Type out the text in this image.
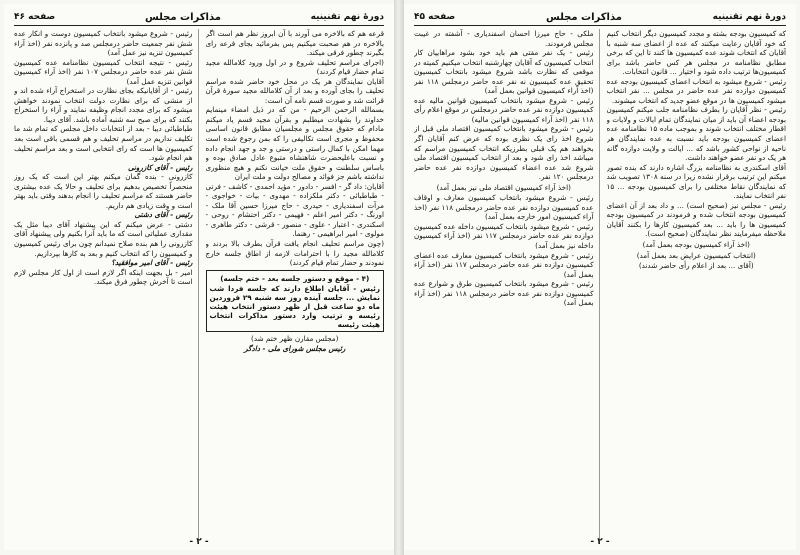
دورهٔ نهم تقنینیه
مذاکرات مجلس
صفحه ۴۶

قرعه هم که بالاخره می آورند با آن ابروز نظر هم است اگر بالاخره در هم صحبت میکنیم پس بفرمائید بجای قرعه رای بگیرند چطور فرقی میکند.

(اجرای مراسم تحلیف شروع و در اول ورود کلامالله مجید تمام حضار قیام کردند)

آقایان نمایندگان هر یک در محل خود حاضر شده مراسم تحلیف را بجای آورده و بعد از آن کلامالله مجید سورهٔ قرآن قرائت شد و صورت قسم نامه آن است:

بسمالله الرحمن الرحیم - من که در ذیل امضاء مینمایم خداوند را بشهادت میطلبم و بقرآن مجید قسم یاد میکنم مادام که حقوق مجلس و مجلسیان مطابق قانون اساسی محفوظ و مجری است تکالیفی را که بمن رجوع شده است مهما امکن با کمال راستی و درستی و جد و جهد انجام داده و نسبت باعلیحضرت شاهنشاه متبوع عادل صادق بوده و باساس سلطنت و حقوق ملت خیانت نکنم و هیچ منظوری نداشته باشم جز فوائد و مصالح دولت و ملت ایران

آقایان: داد گر - افسر - دادور - مؤید احمدی - کاشف - فرتی - طباطبائی - دکتر ملکزاده - مهدوی - بیات - خواجوی - مرآت اسفندیاری - حیدری - حاج میرزا حسین آقا ملک - اورنگ - دکتر امیر اعلم - فهیمی - دکتر احتشام - روحی - اسکندری - اعتبار - علوی - منصور - قرشی - دکتر طاهری - مولوی - امیر ابراهیمی - رهنما.

(چون مراسم تحلیف انجام یافت قرآن بطرف بالا بردند و کلامالله مجید را با احترامات لازمه از اطاق جلسه خارج نمودند و حضار تمام قیام کردند)

(۴ - موقع و دستور جلسه بعد - ختم جلسه)
رئیس - آقایان اطلاع دارند که جلسه فردا شب نمایش ... جلسه آینده روز سه شنبه ۲۹ فروردین ماه دو ساعت قبل از ظهر دستور انتخاب هیئت رئیسه و ترتیب وارد دستور مذاکرات انتخاب هیئت رئیسه
(مجلس مقارن ظهر ختم شد)
رئیس مجلس شورای ملی - دادگر

رئیس - شروع میشود بانتخاب کمیسیون دوست و انکار عده شش نفر جمعیت حاضر درمجلس صد و پانزده نفر (اخذ آراء کمیسیون تنزیه نیز عمل آمد)

رئیس - نتیجه انتخاب کمیسیون نظامنامه عده کمیسیون شش نفر عده حاضر درمجلس ۱۰۷ نفر (اخذ آراء کمیسیون قوانین تنزیه عمل آمد)

رئیس - از آقایانیکه بجای نظارت در استخراج آراء شده اند و از منشی که برای نظارت دولت انتخاب نمودند خواهش میشود که برای مجدد انجام وظیفه نمایند و آراء را استخراج بکنند که برای صبح سه شنبه آماده باشد. آقای دیبا.

طباطبائی دیبا - بعد از انتخابات داخل مجلس که تمام شد ما تکلیف نداریم در مراسم تحلیف و هم قسمی باقی است بعد کمیسیون ها است که رای انتخابی است و بعد مراسم تحلیف هم انجام شود.

رئیس - آقای کازرونی

کازرونی - بنده گمان میکنم بهتر این است که یک روز منحصراً تخصیص بدهیم برای تحلیف و حالا یک عده بیشتری حاضر هستند که مراسم تحلیف را انجام بدهند وقتی باید بهتر است و وقت زیادی هم داریم.

رئیس - آقای دشتی

دشتی - عرض میکنم که این پیشنهاد آقای دیبا مثل یک مقداری عملیاتی است که ما باید آنرا بکنیم ولی پیشنهاد آقای کازرونی را هم بنده صلاح نمیدانم چون برای رئیس کمیسیون و کمیسیون را که انتخاب کنیم و بعد به کارها بپردازیم.

رئیس - آقای امیر موافقید؟

امیر - بل بجهت اینکه اگر لازم است از اول کار مجلس لازم است تا آخرش چطور فرق میکند.

- ۲ -
دورهٔ نهم تقنینیه
مذاکرات مجلس
صفحه ۴۵

که کمیسیون بودجه بشته و مجدد کمیسیون دیگر انتخاب کنیم که خود آقایان رعایت میکنند که عده از اعضای سه شنبه با آقایان که انتخاب شوند عده کمیسیون ها کنند تا این که برخی مطابق نظامنامه در مجلس هر کس حاضر باشد برای کمیسیون‌ها ترتیب داده شود و اختیار ... قانون انتخابات.

رئیس - شروع میشود به انتخاب اعضای کمیسیون بودجه عده کمیسیون دوازده نفر عده حاضر در مجلس ... نفر انتخاب میشود کمیسیون ها در موقع عضو جدید که انتخاب میشوند.

رئیس - نظر آقایان را بطرف نظامنامه جلب میکنم کمیسیون بودجه اعضاء آن باید از میان نمایندگان تمام ایالات و ولایات و اقطار مختلف انتخاب شوند و بموجب ماده ۱۵ نظامنامه عده اعضای کمیسیون بودجه باید نسبت به عده نمایندگان هر ناحیه از نواحی کشور باشد که ... ایالت و ولایت دوازده گانه هر یک دو نفر عضو خواهند داشت.

آقای اسکندری به نظامنامه بزرگ اشاره دارند که بنده تصور میکنم این ترتیب برقرار نشده زیرا در سنه ۱۳۰۸ تصویب شد که نمایندگان نقاط مختلفی را برای کمیسیون بودجه ... ۱۵ نفر انتخاب نمایند.

رئیس - مجلس نیز (صحیح است) ... و داد بعد از آن اعضای کمیسیون بودجه انتخاب شده و فرمودند در کمیسیون بودجه کمیسیون ها را باید ... بعد کمیسیون کارها را بکنند آقایان ملاحظه میفرمایند نظر نمایندگان (صحیح است).

(اخذ آراء کمیسیون بودجه بعمل آمد)
(انتخاب کمیسیون عرایض بعد بعمل آمد)
(آقای ... بعد از اعلام رأی حاضر شدند)

ملکی - حاج میرزا احسان اسفندیاری - آشفته در غیبت مجلس فرمودند.

رئیس - یک نفر مقتی هم باید خود بشود مراهاییان کار انتخاب کمیسیون که آقایان چهارشنبه انتخاب میکنیم کمیته در موقعی که نظارت باشد شروع میشود بانتخاب کمیسیون تحقیق عده کمیسیون نه نفر عده حاضر درمجلس ۱۱۸ نفر (اخذ آراء کمیسیون قوانین بعمل آمد)

رئیس - شروع میشود بانتخاب کمیسیون قوانین مالیه عده کمیسیون دوازده نفر عده حاضر درمجلس در موقع اعلام رأی ۱۱۸ نفر (اخذ آراء کمیسیون قوانین مالیه)

رئیس - شروع میشود بانتخاب کمیسیون اقتصاد ملی قبل از شروع اخذ رای یک نظری بوده که عرض کنم آقایان اگر بخواهند هم یک قبلی بطرزیکه انتخاب کمیسیون مراسم که میباشد اخذ رای شود و بعد از انتخاب کمیسیون اقتصاد ملی شروع شد عده اعضاء کمیسیون دوازده نفر عده حاضر درمجلس ۱۲۰ نفر.

(اخذ آراء کمیسیون اقتصاد ملی نیز بعمل آمد)

رئیس - شروع میشود بانتخاب کمیسیون معارف و اوقاف عده کمیسیون دوازده نفر عده حاضر درمجلس ۱۱۸ نفر (اخذ آراء کمیسیون امور خارجه بعمل آمد)

رئیس - شروع میشود بانتخاب کمیسیون داخله عده کمیسیون دوازده نفر عده حاضر درمجلس ۱۱۷ نفر (اخذ آراء کمیسیون داخله نیز بعمل آمد)

رئیس - شروع میشود بانتخاب کمیسیون معارف عده اعضای کمیسیون دوازده نفر عده حاضر درمجلس ۱۱۷ نفر (اخذ آراء بعمل آمد)

رئیس - شروع میشود بانتخاب کمیسیون طرق و شوارع عده کمیسیون دوازده نفر عده حاضر درمجلس ۱۱۸ نفر (اخذ آراء بعمل آمد)

- ۲ -
